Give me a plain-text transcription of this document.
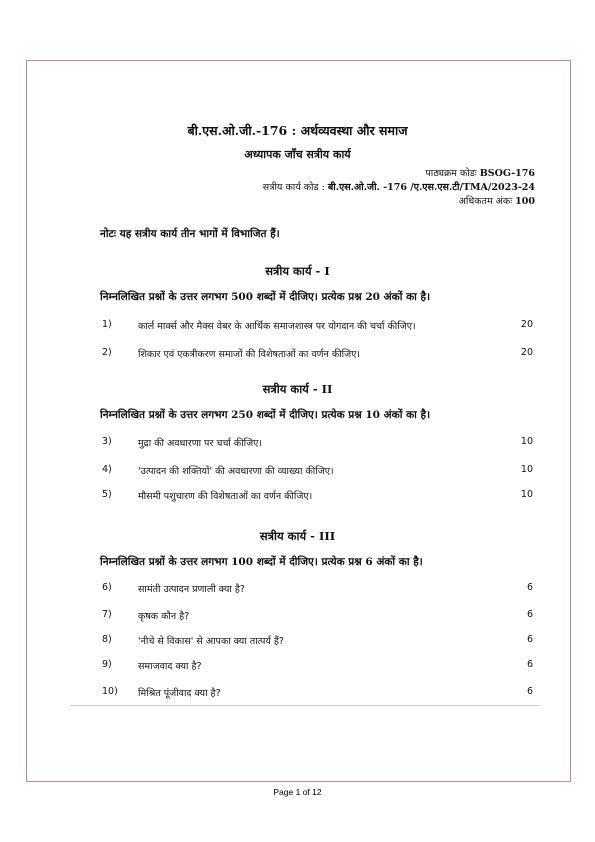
बी.एस.ओ.जी.-176 : अर्थव्यवस्था और समाज
अध्यापक जाँच सत्रीय कार्य
पाठ्यक्रम कोडः BSOG-176
सत्रीय कार्य कोड : बी.एस.ओ.जी. -176 /ए.एस.एस.टी/TMA/2023-24
अधिकतम अंकः 100
नोटः यह सत्रीय कार्य तीन भागों में विभाजित हैं।
सत्रीय कार्य - I
निम्नलिखित प्रश्नों के उत्तर लगभग 500 शब्दों में दीजिए। प्रत्येक प्रश्न 20 अंकों का है।
1)	कार्ल मार्क्स और मैक्स वेबर के आर्थिक समाजशास्त्र पर योगदान की चर्चा कीजिए।	20
2)	शिकार एवं एकत्रीकरण समाजों की विशेषताओं का वर्णन कीजिए।	20
सत्रीय कार्य - II
निम्नलिखित प्रश्नों के उत्तर लगभग 250 शब्दों में दीजिए। प्रत्येक प्रश्न 10 अंकों का है।
3)	मुद्रा की अवधारणा पर चर्चा कीजिए।	10
4)	'उत्पादन की शक्तियों' की अवधारणा की व्याख्या कीजिए।	10
5)	मौसमी पशुचारण की विशेषताओं का वर्णन कीजिए।	10
सत्रीय कार्य - III
निम्नलिखित प्रश्नों के उत्तर लगभग 100 शब्दों में दीजिए। प्रत्येक प्रश्न 6 अंकों का है।
6)	सामंती उत्पादन प्रणाली क्या है?	6
7)	कृषक कौन है?	6
8)	'नीचे से विकास' से आपका क्या तात्पर्य हैं?	6
9)	समाजवाद क्या है?	6
10) मिश्रित पूंजीवाद क्या है?	6
Page 1 of 12
